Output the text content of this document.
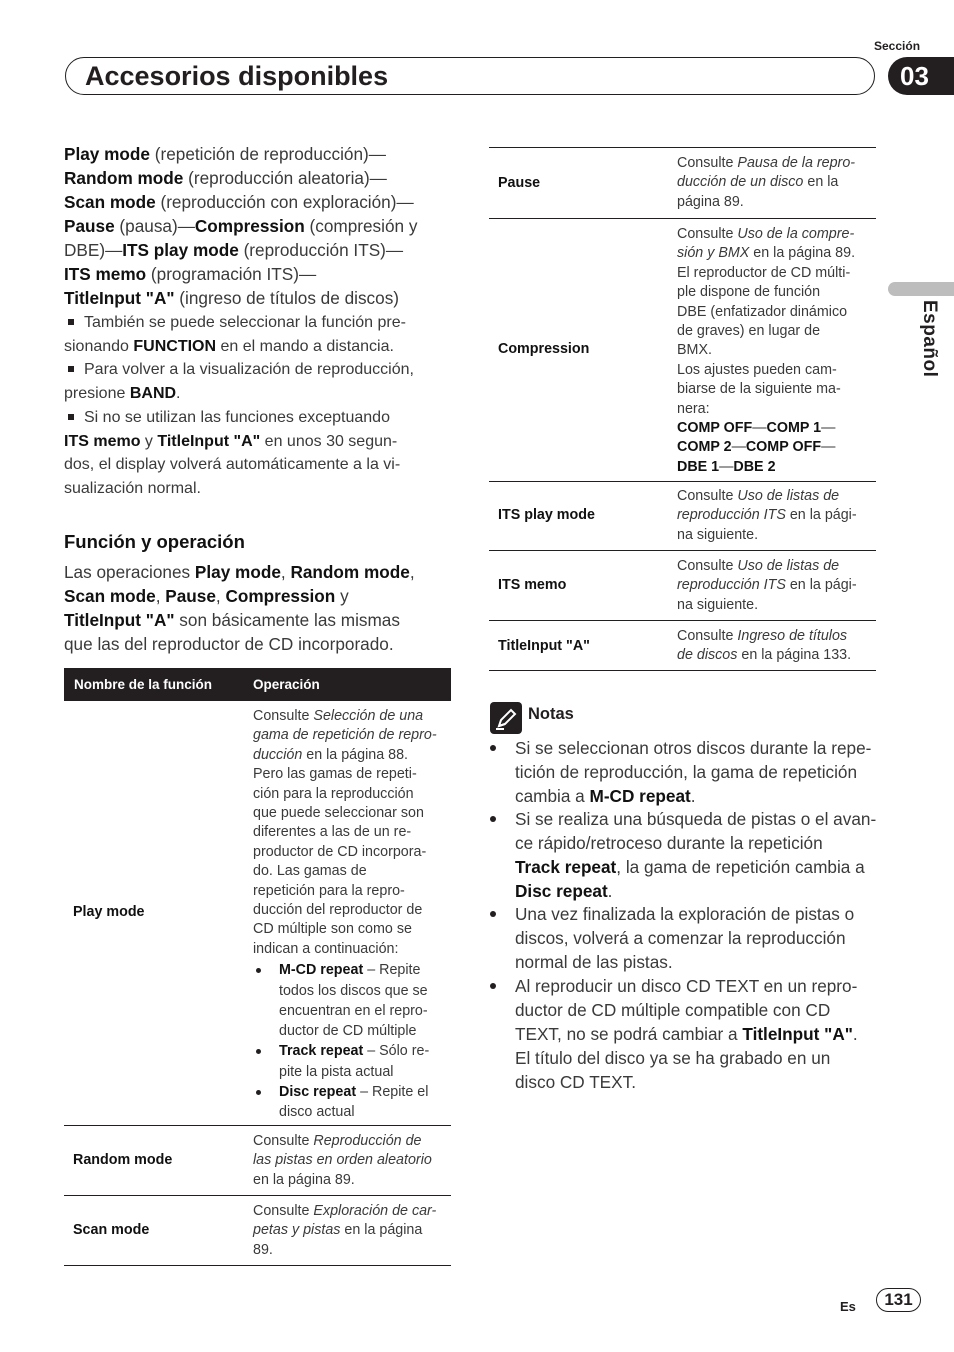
Accesorios disponibles
Sección
03
Español
Play mode (repetición de reproducción)—
Random mode (reproducción aleatoria)—
Scan mode (reproducción con exploración)—
Pause (pausa)—Compression (compresión y DBE)—ITS play mode (reproducción ITS)—
ITS memo (programación ITS)—
TitleInput "A" (ingreso de títulos de discos)
También se puede seleccionar la función pre-
sionando FUNCTION en el mando a distancia.
Para volver a la visualización de reproducción,
presione BAND.
Si no se utilizan las funciones exceptuando
ITS memo y TitleInput "A" en unos 30 segun-
dos, el display volverá automáticamente a la vi-
sualización normal.
Función y operación
Las operaciones Play mode, Random mode,
Scan mode, Pause, Compression y
TitleInput "A" son básicamente las mismas
que las del reproductor de CD incorporado.
Nombre de la función	Operación
Play mode
Consulte Selección de una
gama de repetición de repro-
ducción en la página 88.
Pero las gamas de repeti-
ción para la reproducción
que puede seleccionar son
diferentes a las de un re-
productor de CD incorpora-
do. Las gamas de
repetición para la repro-
ducción del reproductor de
CD múltiple son como se
indican a continuación:
M-CD repeat – Repite
todos los discos que se
encuentran en el repro-
ductor de CD múltiple
Track repeat – Sólo re-
pite la pista actual
Disc repeat – Repite el
disco actual
Random mode
Consulte Reproducción de
las pistas en orden aleatorio
en la página 89.
Scan mode
Consulte Exploración de car-
petas y pistas en la página
89.
Pause
Consulte Pausa de la repro-
ducción de un disco en la
página 89.
Compression
Consulte Uso de la compre-
sión y BMX en la página 89.
El reproductor de CD múlti-
ple dispone de función
DBE (enfatizador dinámico
de graves) en lugar de
BMX.
Los ajustes pueden cam-
biarse de la siguiente ma-
nera:
COMP OFF—COMP 1—
COMP 2—COMP OFF—
DBE 1—DBE 2
ITS play mode
Consulte Uso de listas de
reproducción ITS en la pági-
na siguiente.
ITS memo
Consulte Uso de listas de
reproducción ITS en la pági-
na siguiente.
TitleInput "A"
Consulte Ingreso de títulos
de discos en la página 133.
Notas
Si se seleccionan otros discos durante la repe-
tición de reproducción, la gama de repetición
cambia a M-CD repeat.
Si se realiza una búsqueda de pistas o el avan-
ce rápido/retroceso durante la repetición
Track repeat, la gama de repetición cambia a
Disc repeat.
Una vez finalizada la exploración de pistas o
discos, volverá a comenzar la reproducción
normal de las pistas.
Al reproducir un disco CD TEXT en un repro-
ductor de CD múltiple compatible con CD
TEXT, no se podrá cambiar a TitleInput "A".
El título del disco ya se ha grabado en un
disco CD TEXT.
Es	131
